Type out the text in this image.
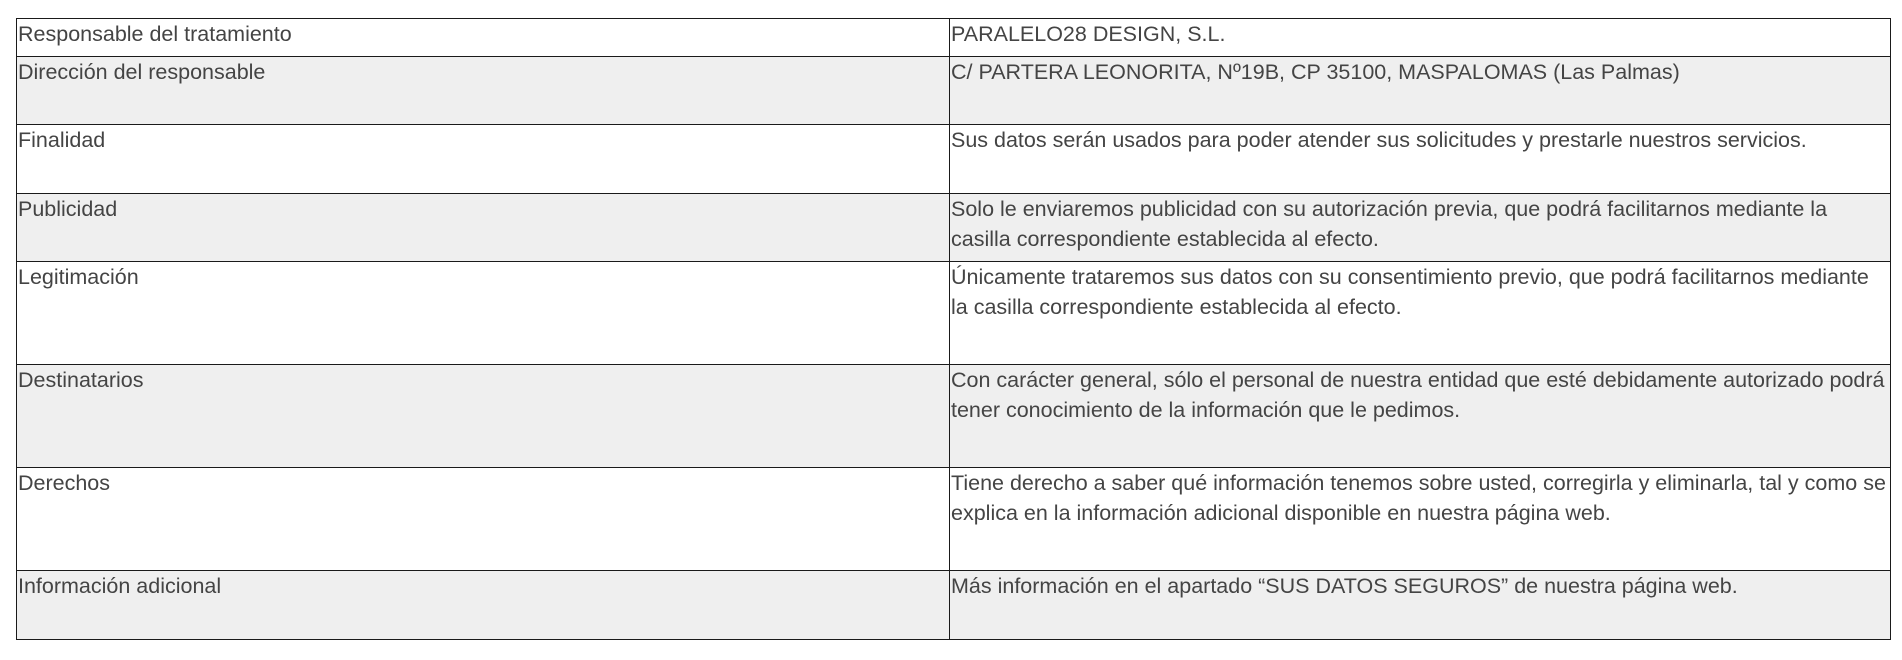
Responsable del tratamiento	PARALELO28 DESIGN, S.L.
Dirección del responsable	C/ PARTERA LEONORITA, Nº19B, CP 35100, MASPALOMAS (Las Palmas)
Finalidad	Sus datos serán usados para poder atender sus solicitudes y prestarle nuestros servicios.
Publicidad	Solo le enviaremos publicidad con su autorización previa, que podrá facilitarnos mediante la casilla correspondiente establecida al efecto.
Legitimación	Únicamente trataremos sus datos con su consentimiento previo, que podrá facilitarnos mediante la casilla correspondiente establecida al efecto.
Destinatarios	Con carácter general, sólo el personal de nuestra entidad que esté debidamente autorizado podrá tener conocimiento de la información que le pedimos.
Derechos	Tiene derecho a saber qué información tenemos sobre usted, corregirla y eliminarla, tal y como se explica en la información adicional disponible en nuestra página web.
Información adicional	Más información en el apartado “SUS DATOS SEGUROS” de nuestra página web.
